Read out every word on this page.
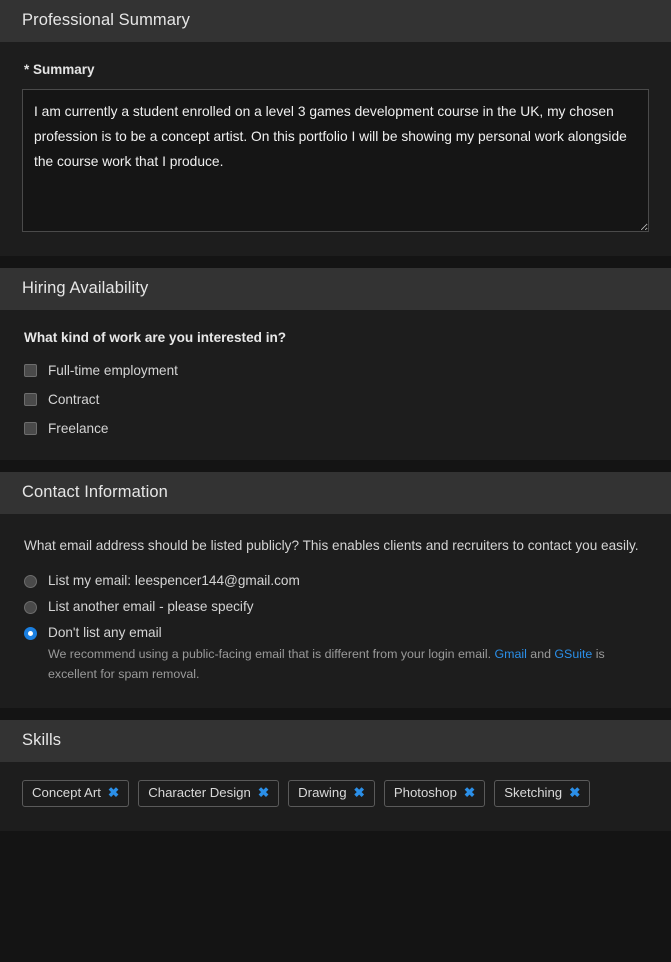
Professional Summary
* Summary
I am currently a student enrolled on a level 3 games development course in the UK, my chosen profession is to be a concept artist. On this portfolio I will be showing my personal work alongside the course work that I produce.
Hiring Availability

What kind of work are you interested in?

Full-time employment
Contract
Freelance
Contact Information

What email address should be listed publicly? This enables clients and recruiters to contact you easily.

List my email: leespencer144@gmail.com
List another email - please specify
Don't list any email
We recommend using a public-facing email that is different from your login email. Gmail and GSuite is excellent for spam removal.
Skills
Concept Art ✖ Character Design ✖ Drawing ✖ Photoshop ✖ Sketching ✖
